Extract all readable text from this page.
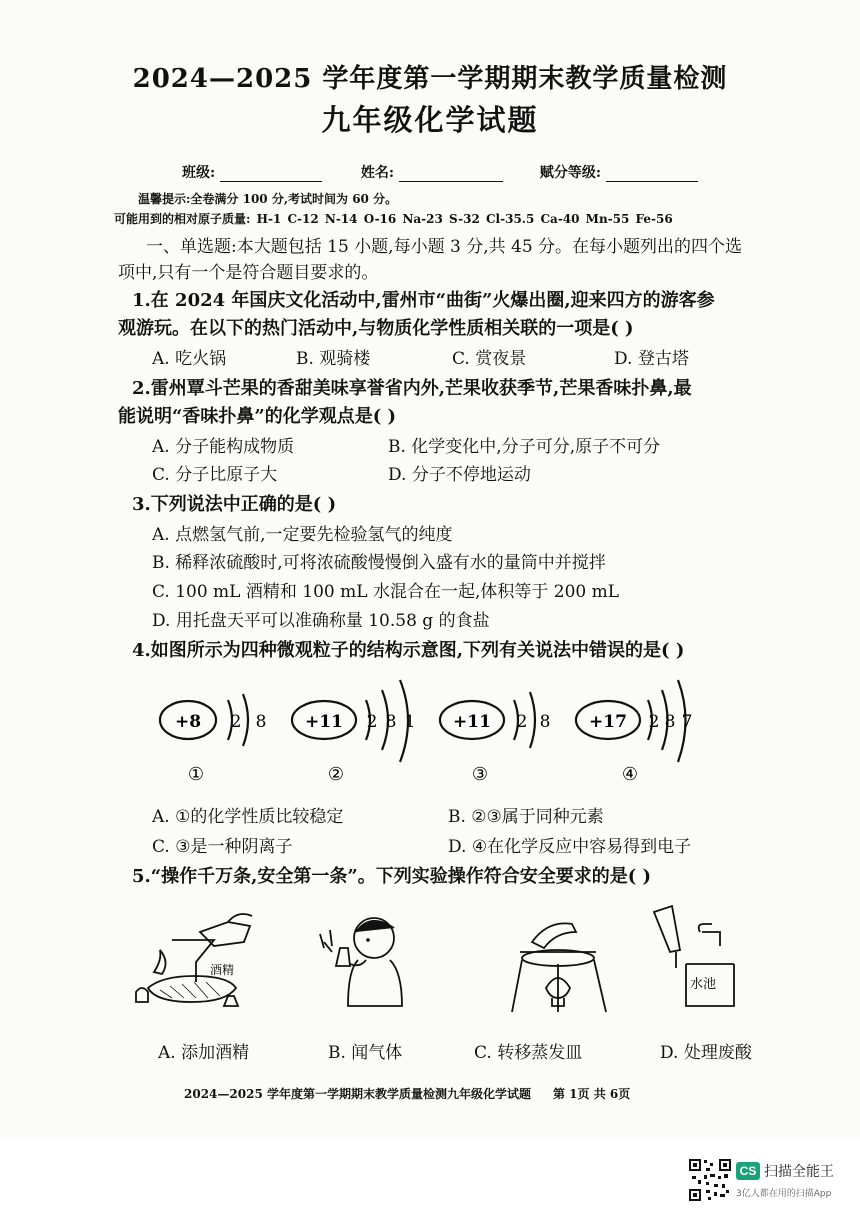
2024—2025 学年度第一学期期末教学质量检测
九年级化学试题
班级:	姓名:	赋分等级:
温馨提示:全卷满分 100 分,考试时间为 60 分。
可能用到的相对原子质量: H-1 C-12 N-14 O-16 Na-23 S-32 Cl-35.5 Ca-40 Mn-55 Fe-56
一、单选题:本大题包括 15 小题,每小题 3 分,共 45 分。在每小题列出的四个选
项中,只有一个是符合题目要求的。
1.在 2024 年国庆文化活动中,雷州市“曲街”火爆出圈,迎来四方的游客参
观游玩。在以下的热门活动中,与物质化学性质相关联的一项是( )
A. 吃火锅	B. 观骑楼	C. 赏夜景	D. 登古塔
2.雷州覃斗芒果的香甜美味享誉省内外,芒果收获季节,芒果香味扑鼻,最
能说明“香味扑鼻”的化学观点是( )
A. 分子能构成物质	B. 化学变化中,分子可分,原子不可分
C. 分子比原子大	D. 分子不停地运动
3.下列说法中正确的是( )
A. 点燃氢气前,一定要先检验氢气的纯度
B. 稀释浓硫酸时,可将浓硫酸慢慢倒入盛有水的量筒中并搅拌
C. 100 mL 酒精和 100 mL 水混合在一起,体积等于 200 mL
D. 用托盘天平可以准确称量 10.58 g 的食盐
4.如图所示为四种微观粒子的结构示意图,下列有关说法中错误的是( )
+8 2 8
①
+11 2 8 1
②
+11 2 8
③
+17 2 8 7
④
A. ①的化学性质比较稳定	B. ②③属于同种元素
C. ③是一种阴离子	D. ④在化学反应中容易得到电子
5.“操作千万条,安全第一条”。下列实验操作符合安全要求的是( )
酒精
水池
A. 添加酒精	B. 闻气体	C. 转移蒸发皿	D. 处理废酸
2024—2025 学年度第一学期期末教学质量检测九年级化学试题 第 1页 共 6页
CS 扫描全能王
3亿人都在用的扫描App
